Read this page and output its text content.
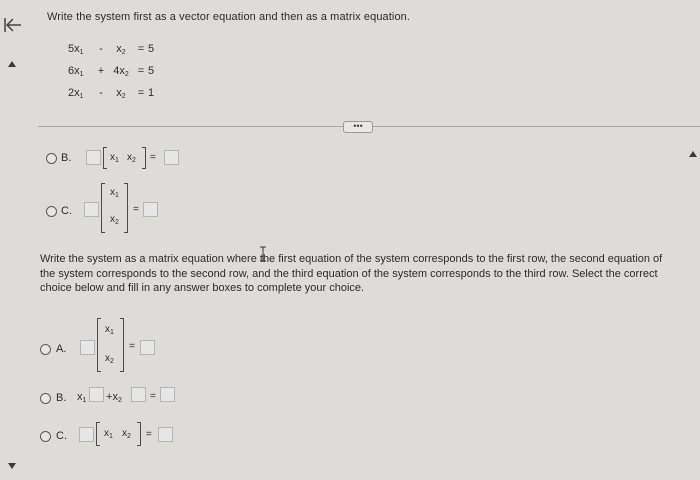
Write the system first as a vector equation and then as a matrix equation.
$5x_1$	-	$x_2$	= 5
$6x_1$	+ $4x_2 = 5$
$2x_1$	-	$x_2$	= 1
•••
B.	$x_1$ $x_2$ =
C.
$x_1$
$x_2$
=
Write the system as a matrix equation where the first equation of the system corresponds to the first row, the second equation of the system corresponds to the second row, and the third equation of the system corresponds to the third row. Select the correct choice below and fill in any answer boxes to complete your choice.
A.
$x_1$
$x_2$
=
B. $x_1 +x_2$	=
C.	$x_1$ $x_2$ =
